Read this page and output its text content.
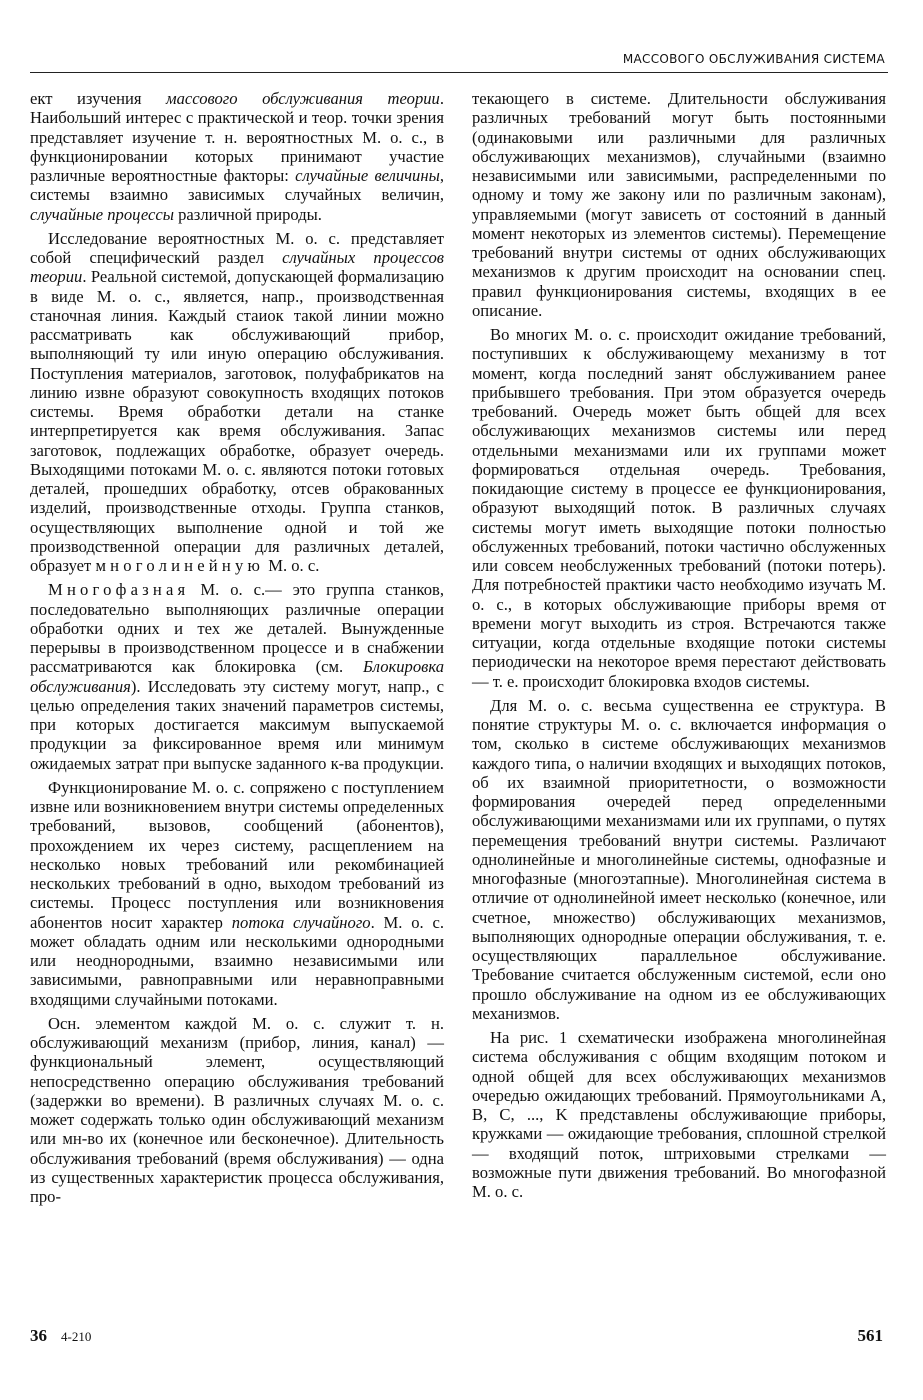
МАССОВОГО ОБСЛУЖИВАНИЯ СИСТЕМА

ект изучения массового обслуживания теории. Наибольший интерес с практической и теор. точки зрения представляет изучение т. н. вероятностных М. о. с., в функционировании которых принимают участие различные вероятностные факторы: случайные величины, системы взаимно зависимых случайных величин, случайные процессы различной природы.

Исследование вероятностных М. о. с. представляет собой специфический раздел случайных процессов теории. Реальной системой, допускающей формализацию в виде М. о. с., является, напр., производственная станочная линия. Каждый стаиок такой линии можно рассматривать как обслуживающий прибор, выполняющий ту или иную операцию обслуживания. Поступления материалов, заготовок, полуфабрикатов на линию извне образуют совокупность входящих потоков системы. Время обработки детали на станке интерпретируется как время обслуживания. Запас заготовок, подлежащих обработке, образует очередь. Выходящими потоками М. о. с. являются потоки готовых деталей, прошедших обработку, отсев обракованных изделий, производственные отходы. Группа станков, осуществляющих выполнение одной и той же производственной операции для различных деталей, образует многолинейную М. о. с.

Многофазная М. о. с.— это группа станков, последовательно выполняющих различные операции обработки одних и тех же деталей. Вынужденные перерывы в производственном процессе и в снабжении рассматриваются как блокировка (см. Блокировка обслуживания). Исследовать эту систему могут, напр., с целью определения таких значений параметров системы, при которых достигается максимум выпускаемой продукции за фиксированное время или минимум ожидаемых затрат при выпуске заданного к-ва продукции.

Функционирование М. о. с. сопряжено с поступлением извне или возникновением внутри системы определенных требований, вызовов, сообщений (абонентов), прохождением их через систему, расщеплением на несколько новых требований или рекомбинацией нескольких требований в одно, выходом требований из системы. Процесс поступления или возникновения абонентов носит характер потока случайного. М. о. с. может обладать одним или несколькими однородными или неоднородными, взаимно независимыми или зависимыми, равноправными или неравноправными входящими случайными потоками.

Осн. элементом каждой М. о. с. служит т. н. обслуживающий механизм (прибор, линия, канал) — функциональный элемент, осуществляющий непосредственно операцию обслуживания требований (задержки во времени). В различных случаях М. о. с. может содержать только один обслуживающий механизм или мн-во их (конечное или бесконечное). Длительность обслуживания требований (время обслуживания) — одна из существенных характеристик процесса обслуживания, про-

текающего в системе. Длительности обслуживания различных требований могут быть постоянными (одинаковыми или различными для различных обслуживающих механизмов), случайными (взаимно независимыми или зависимыми, распределенными по одному и тому же закону или по различным законам), управляемыми (могут зависеть от состояний в данный момент некоторых из элементов системы). Перемещение требований внутри системы от одних обслуживающих механизмов к другим происходит на основании спец. правил функционирования системы, входящих в ее описание.

Во многих М. о. с. происходит ожидание требований, поступивших к обслуживающему механизму в тот момент, когда последний занят обслуживанием ранее прибывшего требования. При этом образуется очередь требований. Очередь может быть общей для всех обслуживающих механизмов системы или перед отдельными механизмами или их группами может формироваться отдельная очередь. Требования, покидающие систему в процессе ее функционирования, образуют выходящий поток. В различных случаях системы могут иметь выходящие потоки полностью обслуженных требований, потоки частично обслуженных или совсем необслуженных требований (потоки потерь). Для потребностей практики часто необходимо изучать М. о. с., в которых обслуживающие приборы время от времени могут выходить из строя. Встречаются также ситуации, когда отдельные входящие потоки системы периодически на некоторое время перестают действовать — т. е. происходит блокировка входов системы.

Для М. о. с. весьма существенна ее структура. В понятие структуры М. о. с. включается информация о том, сколько в системе обслуживающих механизмов каждого типа, о наличии входящих и выходящих потоков, об их взаимной приоритетности, о возможности формирования очередей перед определенными обслуживающими механизмами или их группами, о путях перемещения требований внутри системы. Различают однолинейные и многолинейные системы, однофазные и многофазные (многоэтапные). Многолинейная система в отличие от однолинейной имеет несколько (конечное, или счетное, множество) обслуживающих механизмов, выполняющих однородные операции обслуживания, т. е. осуществляющих параллельное обслуживание. Требование считается обслуженным системой, если оно прошло обслуживание на одном из ее обслуживающих механизмов.

На рис. 1 схематически изображена многолинейная система обслуживания с общим входящим потоком и одной общей для всех обслуживающих механизмов очередью ожидающих требований. Прямоугольниками A, B, C, ..., K представлены обслуживающие приборы, кружками — ожидающие требования, сплошной стрелкой — входящий поток, штриховыми стрелками — возможные пути движения требований. Во многофазной М. о. с.

36 4-210	561
